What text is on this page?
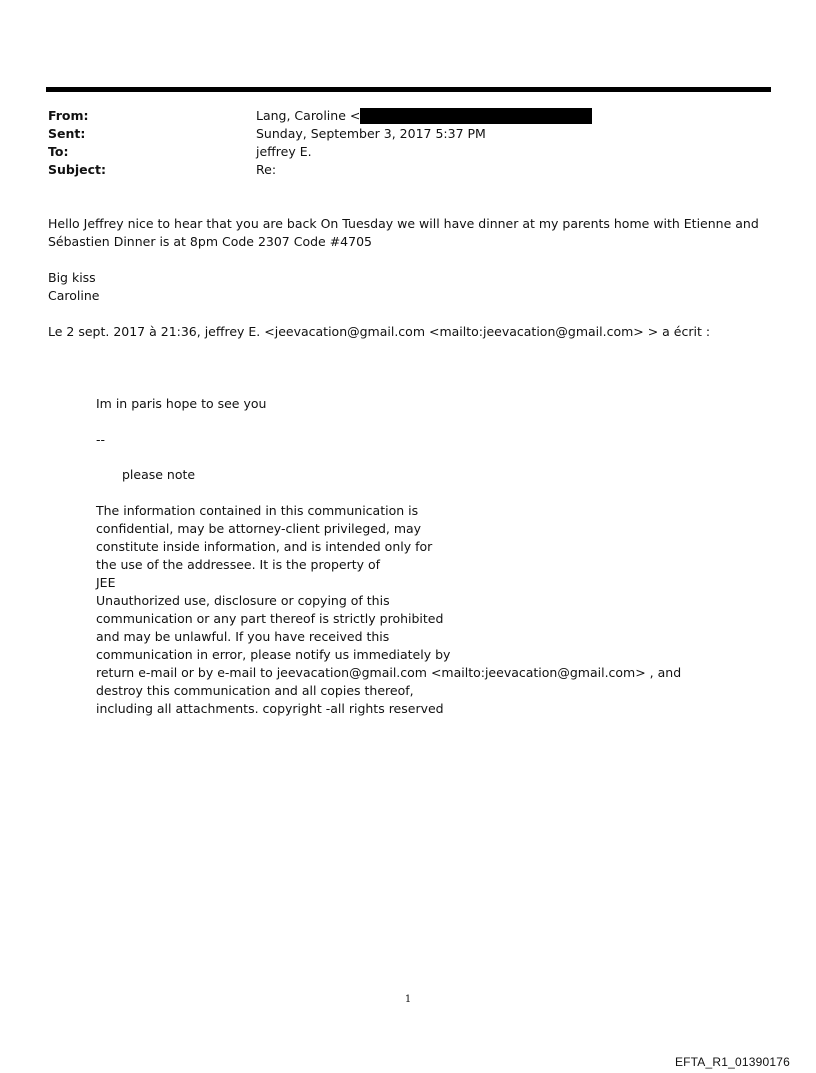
From:	Lang, Caroline <
Sent:	Sunday, September 3, 2017 5:37 PM
To:	jeffrey E.
Subject:	Re:
Hello Jeffrey nice to hear that you are back On Tuesday we will have dinner at my parents home with Etienne and
Sébastien Dinner is at 8pm Code 2307 Code #4705
Big kiss
Caroline
Le 2 sept. 2017 à 21:36, jeffrey E. <jeevacation@gmail.com <mailto:jeevacation@gmail.com> > a écrit :
Im in paris hope to see you
--
please note
The information contained in this communication is
confidential, may be attorney-client privileged, may
constitute inside information, and is intended only for
the use of the addressee. It is the property of
JEE
Unauthorized use, disclosure or copying of this
communication or any part thereof is strictly prohibited
and may be unlawful. If you have received this
communication in error, please notify us immediately by
return e-mail or by e-mail to jeevacation@gmail.com <mailto:jeevacation@gmail.com> , and
destroy this communication and all copies thereof,
including all attachments. copyright -all rights reserved
1
EFTA_R1_01390176
